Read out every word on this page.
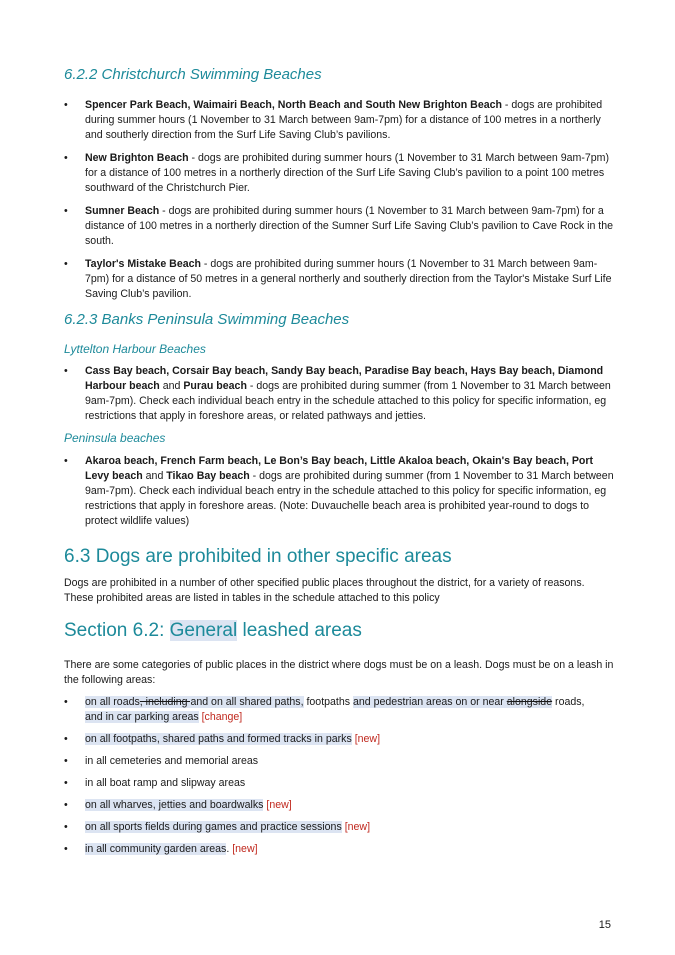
6.2.2 Christchurch Swimming Beaches
• Spencer Park Beach, Waimairi Beach, North Beach and South New Brighton Beach - dogs are prohibited during summer hours (1 November to 31 March between 9am-7pm) for a distance of 100 metres in a northerly and southerly direction from the Surf Life Saving Club’s pavilions.
• New Brighton Beach - dogs are prohibited during summer hours (1 November to 31 March between 9am-7pm) for a distance of 100 metres in a northerly direction of the Surf Life Saving Club’s pavilion to a point 100 metres southward of the Christchurch Pier.
• Sumner Beach - dogs are prohibited during summer hours (1 November to 31 March between 9am-7pm) for a distance of 100 metres in a northerly direction of the Sumner Surf Life Saving Club’s pavilion to Cave Rock in the south.
• Taylor's Mistake Beach - dogs are prohibited during summer hours (1 November to 31 March between 9am-7pm) for a distance of 50 metres in a general northerly and southerly direction from the Taylor's Mistake Surf Life Saving Club’s pavilion.
6.2.3 Banks Peninsula Swimming Beaches
Lyttelton Harbour Beaches
• Cass Bay beach, Corsair Bay beach, Sandy Bay beach, Paradise Bay beach, Hays Bay beach, Diamond Harbour beach and Purau beach - dogs are prohibited during summer (from 1 November to 31 March between 9am-7pm). Check each individual beach entry in the schedule attached to this policy for specific information, eg restrictions that apply in foreshore areas, or related pathways and jetties.
Peninsula beaches
• Akaroa beach, French Farm beach, Le Bon’s Bay beach, Little Akaloa beach, Okain's Bay beach, Port Levy beach and Tikao Bay beach - dogs are prohibited during summer (from 1 November to 31 March between 9am-7pm). Check each individual beach entry in the schedule attached to this policy for specific information, eg restrictions that apply in foreshore areas. (Note: Duvauchelle beach area is prohibited year-round to dogs to protect wildlife values)
6.3 Dogs are prohibited in other specific areas

Dogs are prohibited in a number of other specified public places throughout the district, for a variety of reasons. These prohibited areas are listed in tables in the schedule attached to this policy

Section 6.2: General leashed areas

There are some categories of public places in the district where dogs must be on a leash. Dogs must be on a leash in the following areas:

• on all roads, including and on all shared paths, footpaths and pedestrian areas on or near alongside roads,
and in car parking areas [change]
• on all footpaths, shared paths and formed tracks in parks [new]
• in all cemeteries and memorial areas
• in all boat ramp and slipway areas
• on all wharves, jetties and boardwalks [new]
• on all sports fields during games and practice sessions [new]
• in all community garden areas. [new]
15
